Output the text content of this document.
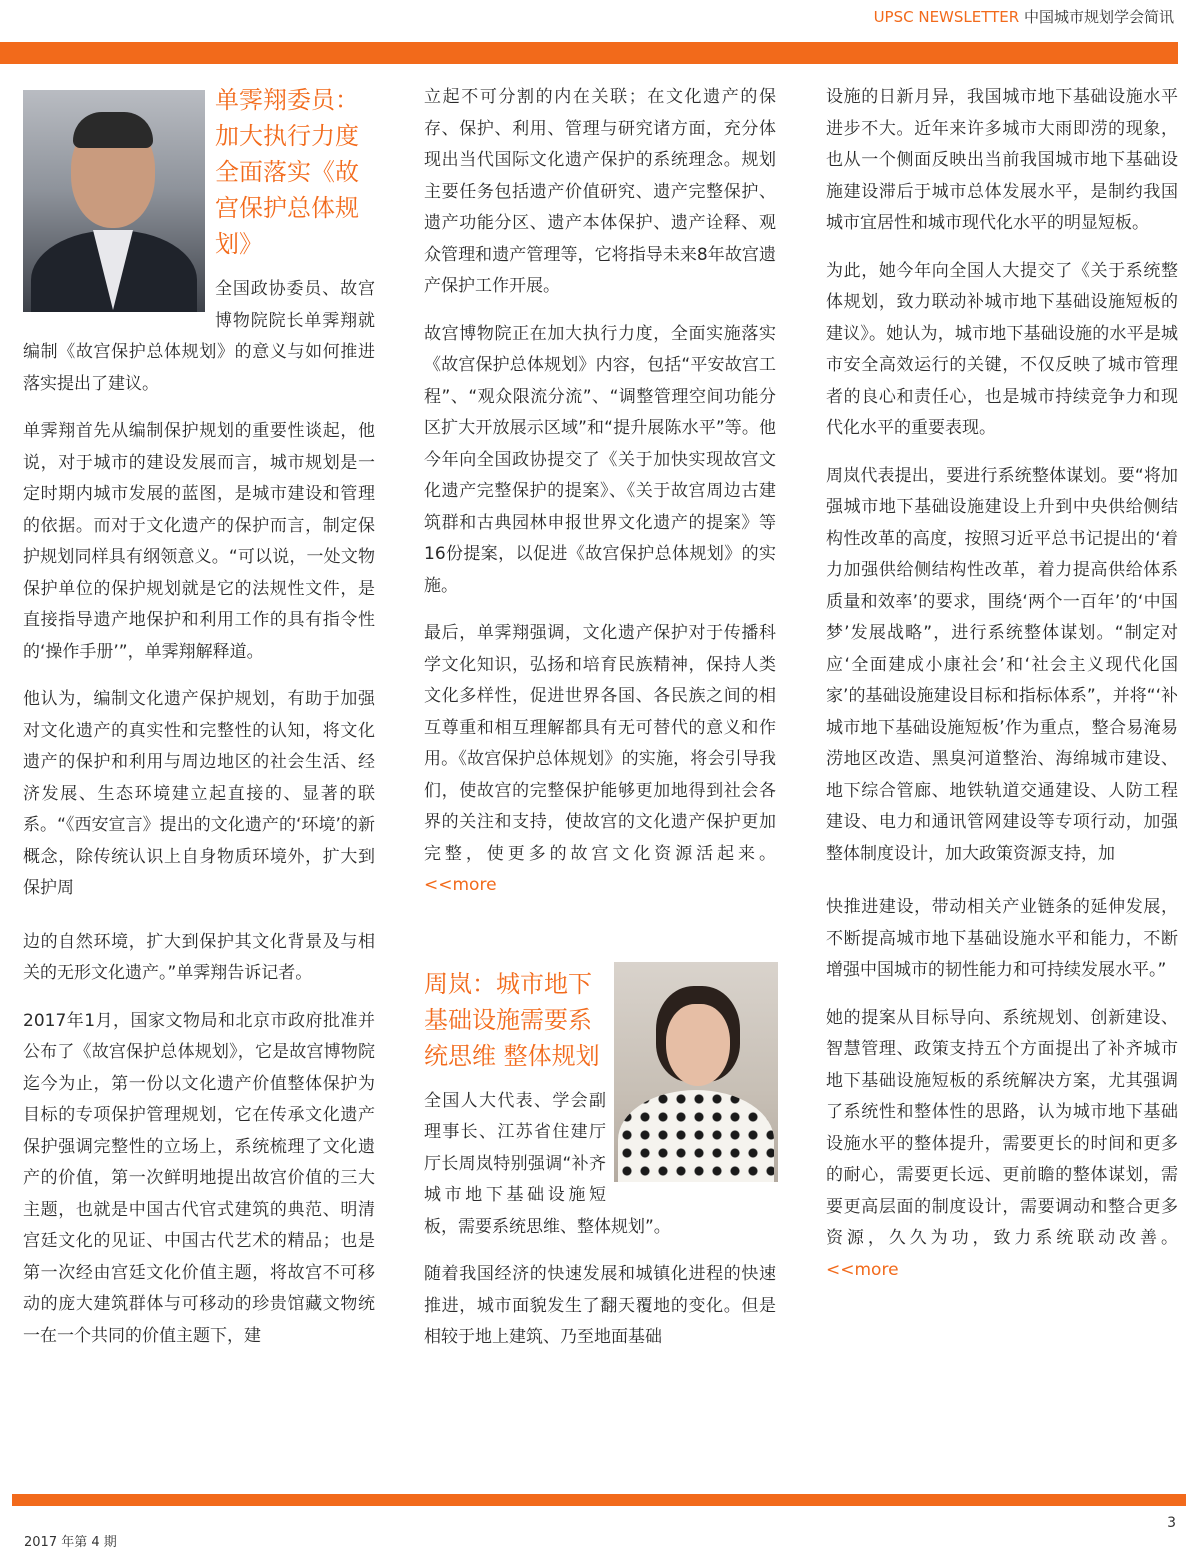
UPSC NEWSLETTER 中国城市规划学会简讯
单霁翔委员：加大执行力度 全面落实《故宫保护总体规划》

全国政协委员、故宫博物院院长单霁翔就编制《故宫保护总体规划》的意义与如何推进落实提出了建议。

单霁翔首先从编制保护规划的重要性谈起，他说，对于城市的建设发展而言，城市规划是一定时期内城市发展的蓝图，是城市建设和管理的依据。而对于文化遗产的保护而言，制定保护规划同样具有纲领意义。“可以说，一处文物保护单位的保护规划就是它的法规性文件，是直接指导遗产地保护和利用工作的具有指令性的‘操作手册’”，单霁翔解释道。

他认为，编制文化遗产保护规划，有助于加强对文化遗产的真实性和完整性的认知，将文化遗产的保护和利用与周边地区的社会生活、经济发展、生态环境建立起直接的、显著的联系。“《西安宣言》提出的文化遗产的‘环境’的新概念，除传统认识上自身物质环境外，扩大到保护周

边的自然环境，扩大到保护其文化背景及与相关的无形文化遗产。”单霁翔告诉记者。

2017年1月，国家文物局和北京市政府批准并公布了《故宫保护总体规划》，它是故宫博物院迄今为止，第一份以文化遗产价值整体保护为目标的专项保护管理规划，它在传承文化遗产保护强调完整性的立场上，系统梳理了文化遗产的价值，第一次鲜明地提出故宫价值的三大主题，也就是中国古代官式建筑的典范、明清宫廷文化的见证、中国古代艺术的精品；也是第一次经由宫廷文化价值主题，将故宫不可移动的庞大建筑群体与可移动的珍贵馆藏文物统一在一个共同的价值主题下，建

立起不可分割的内在关联；在文化遗产的保存、保护、利用、管理与研究诸方面，充分体现出当代国际文化遗产保护的系统理念。规划主要任务包括遗产价值研究、遗产完整保护、遗产功能分区、遗产本体保护、遗产诠释、观众管理和遗产管理等，它将指导未来8年故宫遗产保护工作开展。

故宫博物院正在加大执行力度，全面实施落实《故宫保护总体规划》内容，包括“平安故宫工程”、“观众限流分流”、“调整管理空间功能分区扩大开放展示区域”和“提升展陈水平”等。他今年向全国政协提交了《关于加快实现故宫文化遗产完整保护的提案》、《关于故宫周边古建筑群和古典园林申报世界文化遗产的提案》等16份提案，以促进《故宫保护总体规划》的实施。

最后，单霁翔强调，文化遗产保护对于传播科学文化知识，弘扬和培育民族精神，保持人类文化多样性，促进世界各国、各民族之间的相互尊重和相互理解都具有无可替代的意义和作用。《故宫保护总体规划》的实施，将会引导我们，使故宫的完整保护能够更加地得到社会各界的关注和支持，使故宫的文化遗产保护更加完整，使更多的故宫文化资源活起来。<<more

周岚：城市地下基础设施需要系统思维 整体规划

全国人大代表、学会副理事长、江苏省住建厅厅长周岚特别强调“补齐城市地下基础设施短板，需要系统思维、整体规划”。

随着我国经济的快速发展和城镇化进程的快速推进，城市面貌发生了翻天覆地的变化。但是相较于地上建筑、乃至地面基础

设施的日新月异，我国城市地下基础设施水平进步不大。近年来许多城市大雨即涝的现象，也从一个侧面反映出当前我国城市地下基础设施建设滞后于城市总体发展水平，是制约我国城市宜居性和城市现代化水平的明显短板。

为此，她今年向全国人大提交了《关于系统整体规划，致力联动补城市地下基础设施短板的建议》。她认为，城市地下基础设施的水平是城市安全高效运行的关键，不仅反映了城市管理者的良心和责任心，也是城市持续竞争力和现代化水平的重要表现。

周岚代表提出，要进行系统整体谋划。要“将加强城市地下基础设施建设上升到中央供给侧结构性改革的高度，按照习近平总书记提出的‘着力加强供给侧结构性改革，着力提高供给体系质量和效率’的要求，围绕‘两个一百年’的‘中国梦’发展战略”，进行系统整体谋划。“制定对应‘全面建成小康社会’和‘社会主义现代化国家’的基础设施建设目标和指标体系”，并将“‘补城市地下基础设施短板’作为重点，整合易淹易涝地区改造、黑臭河道整治、海绵城市建设、地下综合管廊、地铁轨道交通建设、人防工程建设、电力和通讯管网建设等专项行动，加强整体制度设计，加大政策资源支持，加

快推进建设，带动相关产业链条的延伸发展，不断提高城市地下基础设施水平和能力，不断增强中国城市的韧性能力和可持续发展水平。”

她的提案从目标导向、系统规划、创新建设、智慧管理、政策支持五个方面提出了补齐城市地下基础设施短板的系统解决方案，尤其强调了系统性和整体性的思路，认为城市地下基础设施水平的整体提升，需要更长的时间和更多的耐心，需要更长远、更前瞻的整体谋划，需要更高层面的制度设计，需要调动和整合更多资源，久久为功，致力系统联动改善。<<more

3
2017 年第 4 期
